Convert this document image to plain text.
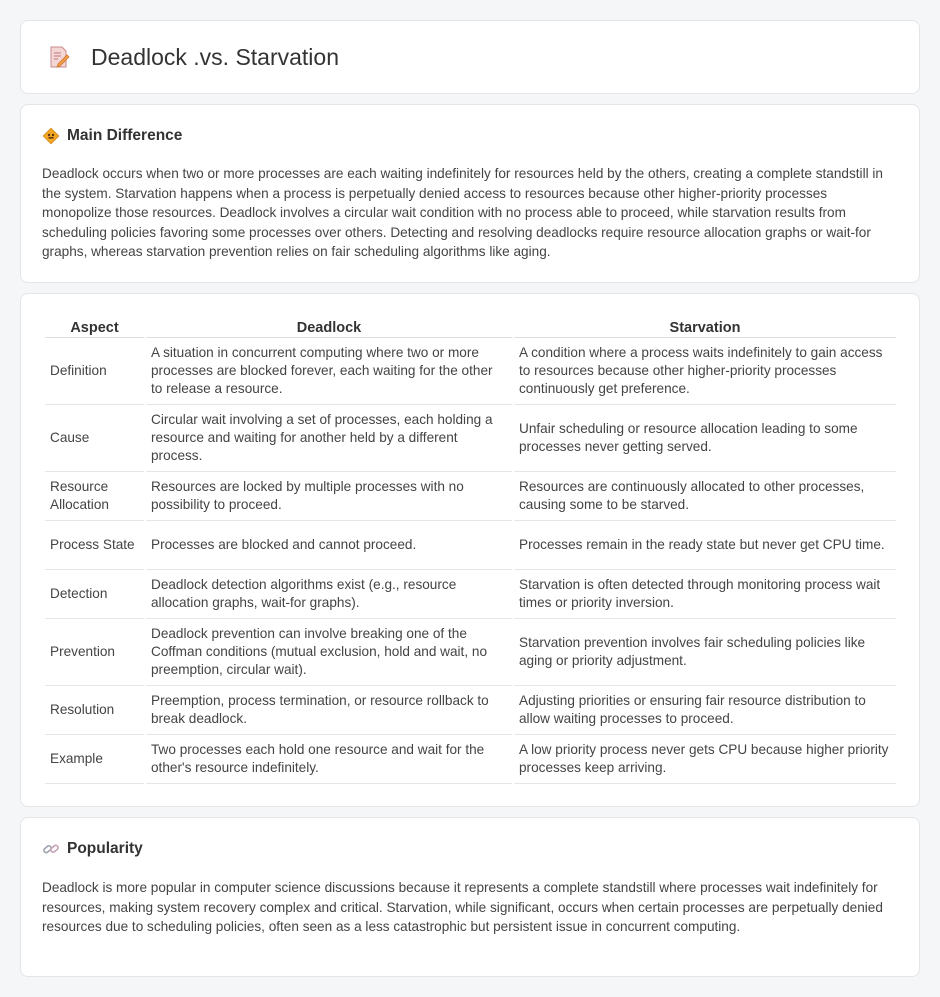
Deadlock .vs. Starvation
Main Difference

Deadlock occurs when two or more processes are each waiting indefinitely for resources held by the others, creating a complete standstill in the system. Starvation happens when a process is perpetually denied access to resources because other higher-priority processes monopolize those resources. Deadlock involves a circular wait condition with no process able to proceed, while starvation results from scheduling policies favoring some processes over others. Detecting and resolving deadlocks require resource allocation graphs or wait-for graphs, whereas starvation prevention relies on fair scheduling algorithms like aging.

Aspect	Deadlock	Starvation
Definition	A situation in concurrent computing where two or more processes are blocked forever, each waiting for the other to release a resource.	A condition where a process waits indefinitely to gain access to resources because other higher-priority processes continuously get preference.
Cause	Circular wait involving a set of processes, each holding a resource and waiting for another held by a different process.	Unfair scheduling or resource allocation leading to some processes never getting served.
Resource Allocation	Resources are locked by multiple processes with no possibility to proceed.	Resources are continuously allocated to other processes, causing some to be starved.
Process State	Processes are blocked and cannot proceed.	Processes remain in the ready state but never get CPU time.
Detection	Deadlock detection algorithms exist (e.g., resource allocation graphs, wait-for graphs).	Starvation is often detected through monitoring process wait times or priority inversion.
Prevention	Deadlock prevention can involve breaking one of the Coffman conditions (mutual exclusion, hold and wait, no preemption, circular wait).	Starvation prevention involves fair scheduling policies like aging or priority adjustment.
Resolution	Preemption, process termination, or resource rollback to break deadlock.	Adjusting priorities or ensuring fair resource distribution to allow waiting processes to proceed.
Example	Two processes each hold one resource and wait for the other's resource indefinitely.	A low priority process never gets CPU because higher priority processes keep arriving.
Popularity

Deadlock is more popular in computer science discussions because it represents a complete standstill where processes wait indefinitely for resources, making system recovery complex and critical. Starvation, while significant, occurs when certain processes are perpetually denied resources due to scheduling policies, often seen as a less catastrophic but persistent issue in concurrent computing.
